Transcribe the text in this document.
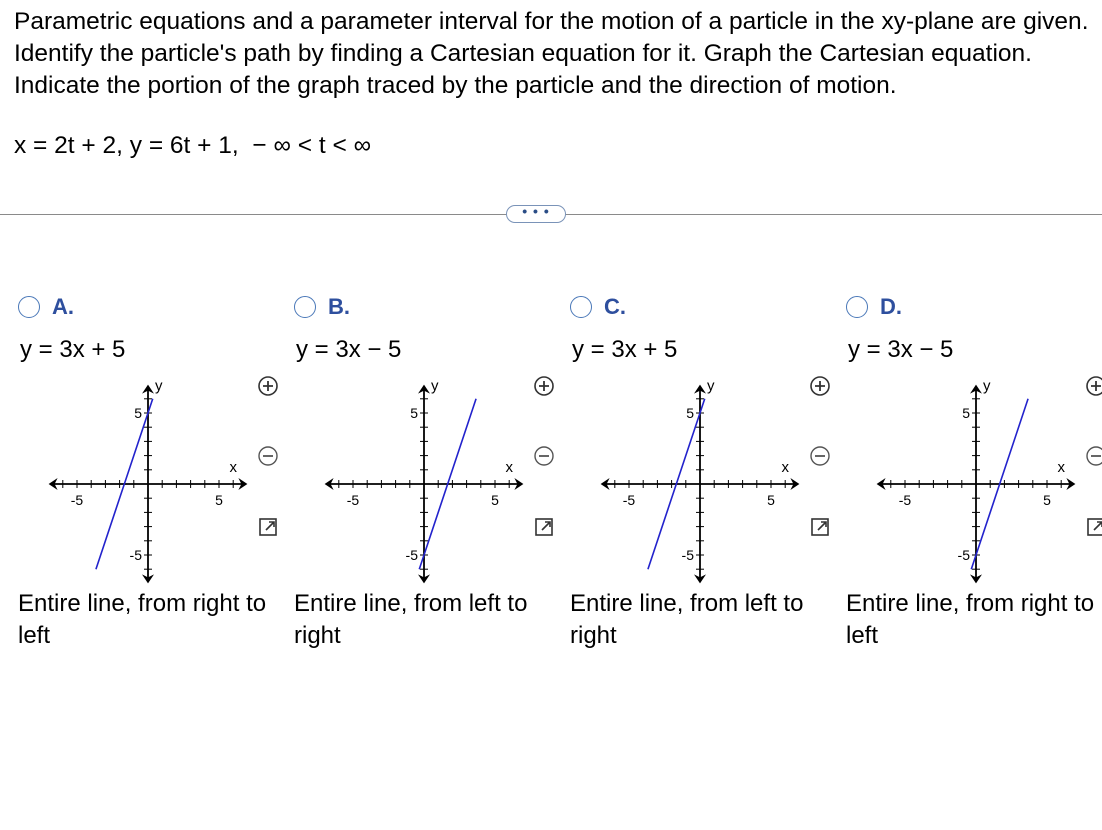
Parametric equations and a parameter interval for the motion of a particle in the xy-plane are given. Identify the particle's path by finding a Cartesian equation for it. Graph the Cartesian equation. Indicate the portion of the graph traced by the particle and the direction of motion.
x = 2t + 2, y = 6t + 1,  − ∞ < t < ∞
• • •
A.
y = 3x + 5
-5	5
5
-5
x
y
Entire line, from right to left
B.
y = 3x − 5
-5	5
5
-5
x
y
Entire line, from left to right
C.
y = 3x + 5
-5	5
5
-5
x
y
Entire line, from left to right
D.
y = 3x − 5
-5	5
5
-5
x
y
Entire line, from right to left
